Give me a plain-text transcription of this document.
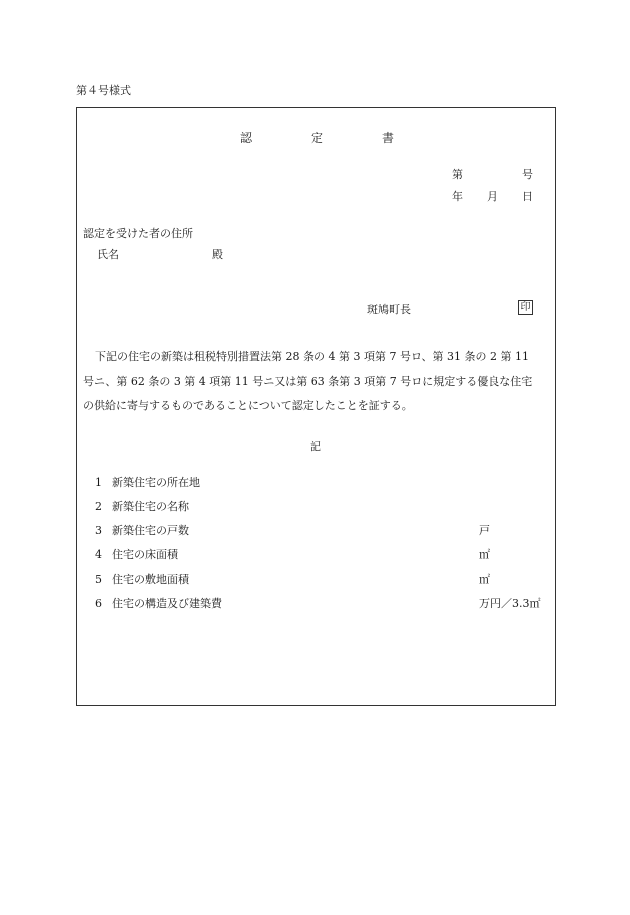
第４号様式
認	定	書
第	号
年 月 日
認定を受けた者の住所
氏名	殿
斑鳩町長	印
下記の住宅の新築は租税特別措置法第 28 条の 4 第 3 項第 7 号ロ、第 31 条の 2 第 11
号ニ、第 62 条の 3 第 4 項第 11 号ニ又は第 63 条第 3 項第 7 号ロに規定する優良な住宅
の供給に寄与するものであることについて認定したことを証する。
記
1 新築住宅の所在地
2 新築住宅の名称
3 新築住宅の戸数	戸
4 住宅の床面積	㎡
5 住宅の敷地面積	㎡
6 住宅の構造及び建築費	万円／3.3㎡
